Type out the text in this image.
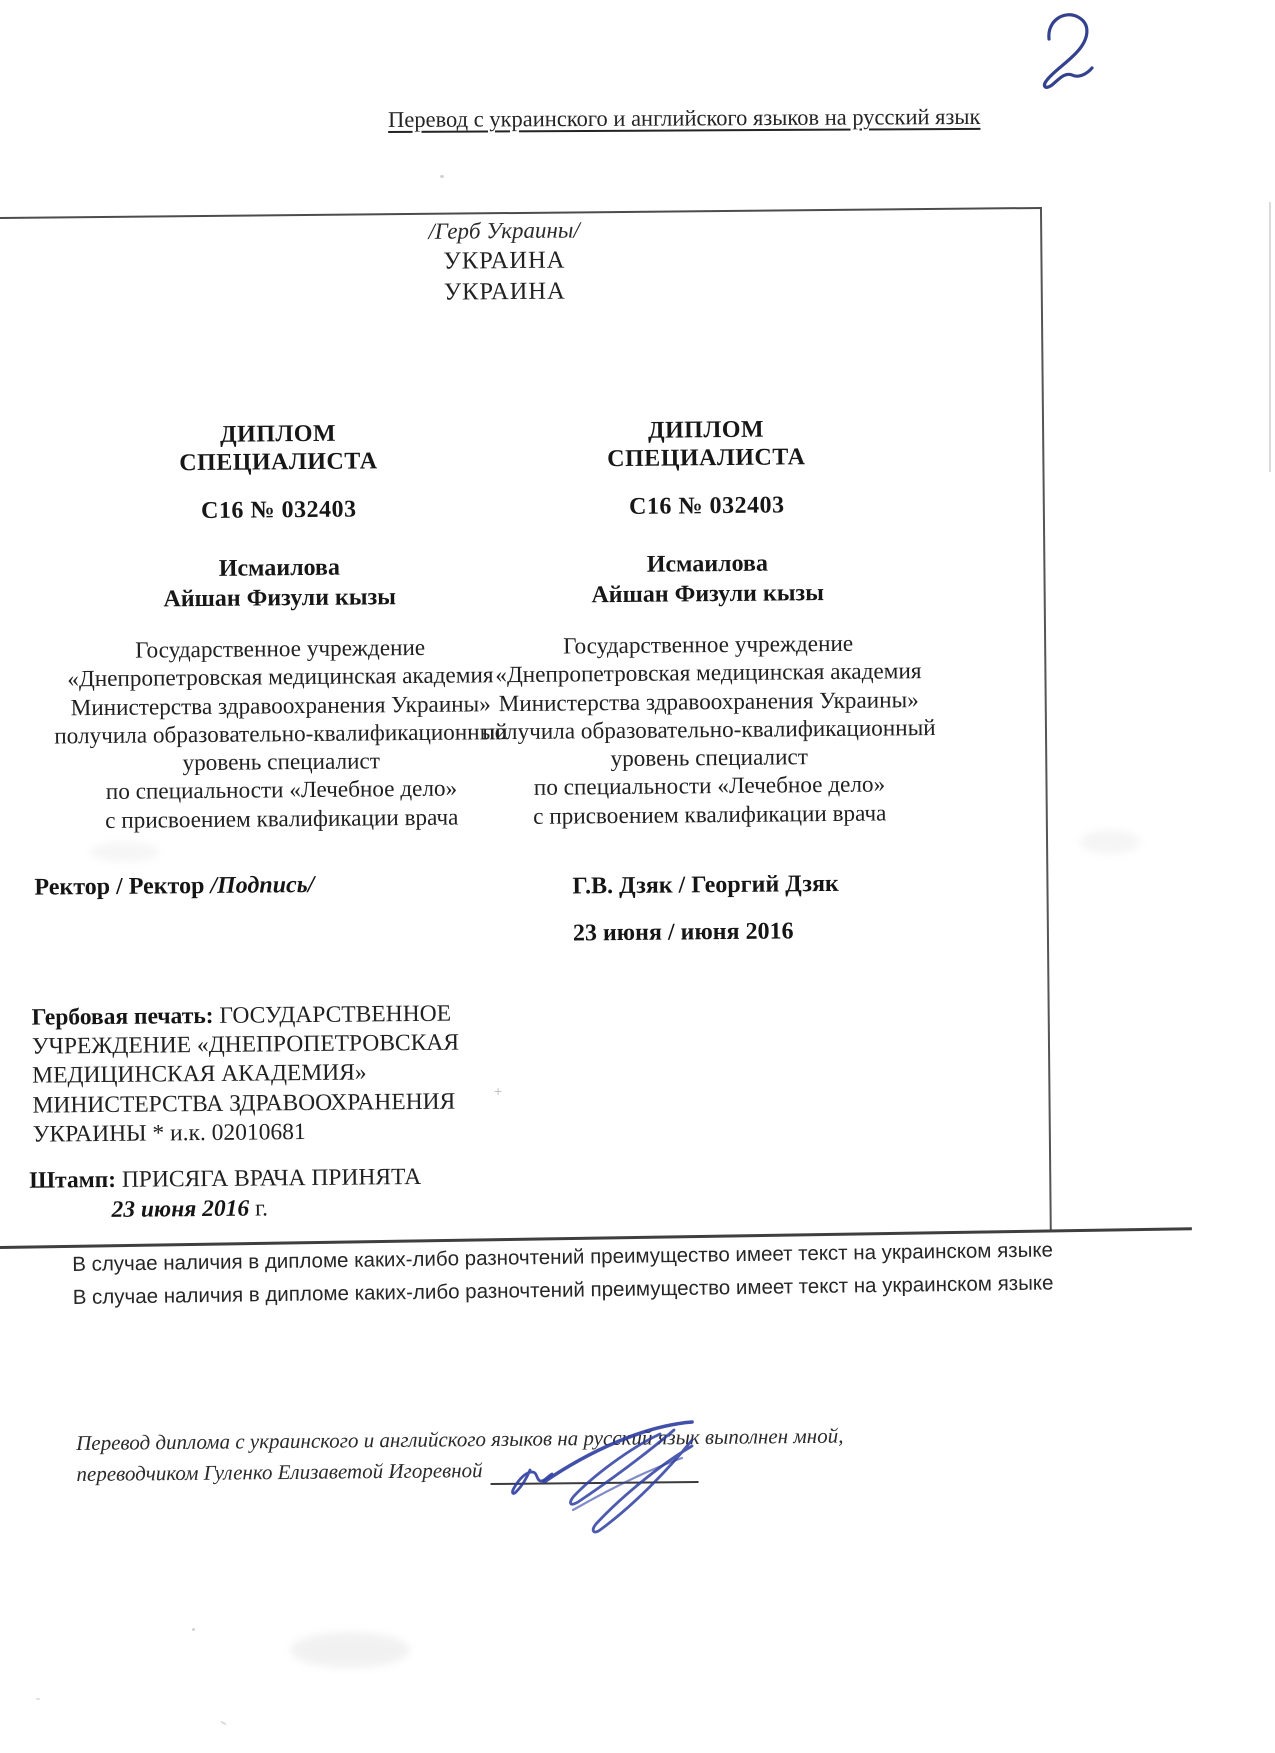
Перевод с украинского и английского языков на русский язык
/Герб Украины/
УКРАИНА
УКРАИНА
ДИПЛОМ
СПЕЦИАЛИСТА
С16 № 032403
Исмаилова
Айшан Физули кызы
Государственное учреждение
«Днепропетровская медицинская академия
Министерства здравоохранения Украины»
получила образовательно-квалификационный
уровень специалист
по специальности «Лечебное дело»
с присвоением квалификации врача
ДИПЛОМ
СПЕЦИАЛИСТА
С16 № 032403
Исмаилова
Айшан Физули кызы
Государственное учреждение
«Днепропетровская медицинская академия
Министерства здравоохранения Украины»
получила образовательно-квалификационный
уровень специалист
по специальности «Лечебное дело»
с присвоением квалификации врача
Ректор / Ректор /Подпись/	Г.В. Дзяк / Георгий Дзяк
23 июня / июня 2016
Гербовая печать: ГОСУДАРСТВЕННОЕ УЧРЕЖДЕНИЕ «ДНЕПРОПЕТРОВСКАЯ МЕДИЦИНСКАЯ АКАДЕМИЯ» МИНИСТЕРСТВА ЗДРАВООХРАНЕНИЯ УКРАИНЫ * и.к. 02010681
Штамп: ПРИСЯГА ВРАЧА ПРИНЯТА
23 июня 2016 г.
В случае наличия в дипломе каких-либо разночтений преимущество имеет текст на украинском языке
В случае наличия в дипломе каких-либо разночтений преимущество имеет текст на украинском языке
Перевод диплома с украинского и английского языков на русский язык выполнен мной,
переводчиком Гуленко Елизаветой Игоревной
+
